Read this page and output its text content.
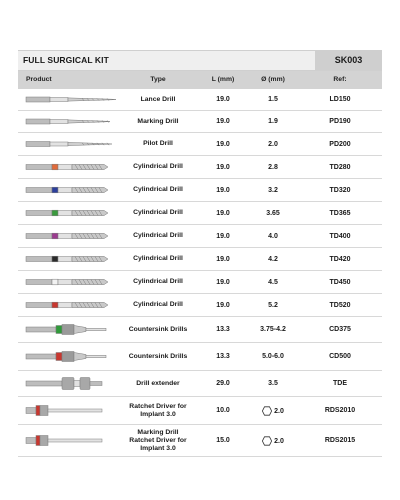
FULL SURGICAL KIT	SK003
Product	Type	L (mm)	Ø (mm)	Ref:
Lance Drill	19.0	1.5	LD150
Marking Drill	19.0	1.9	PD190
Pilot Drill	19.0	2.0	PD200
Cylindrical Drill	19.0	2.8	TD280
Cylindrical Drill	19.0	3.2	TD320
Cylindrical Drill	19.0	3.65	TD365
Cylindrical Drill	19.0	4.0	TD400
Cylindrical Drill	19.0	4.2	TD420
Cylindrical Drill	19.0	4.5	TD450
Cylindrical Drill	19.0	5.2	TD520
Countersink Drills	13.3	3.75-4.2	CD375
Countersink Drills	13.3	5.0-6.0	CD500
Drill extender	29.0	3.5	TDE
Ratchet Driver for
Implant 3.0	10.0	2.0	RDS2010
Marking Drill
Ratchet Driver for
Implant 3.0
15.0	2.0	RDS2015
